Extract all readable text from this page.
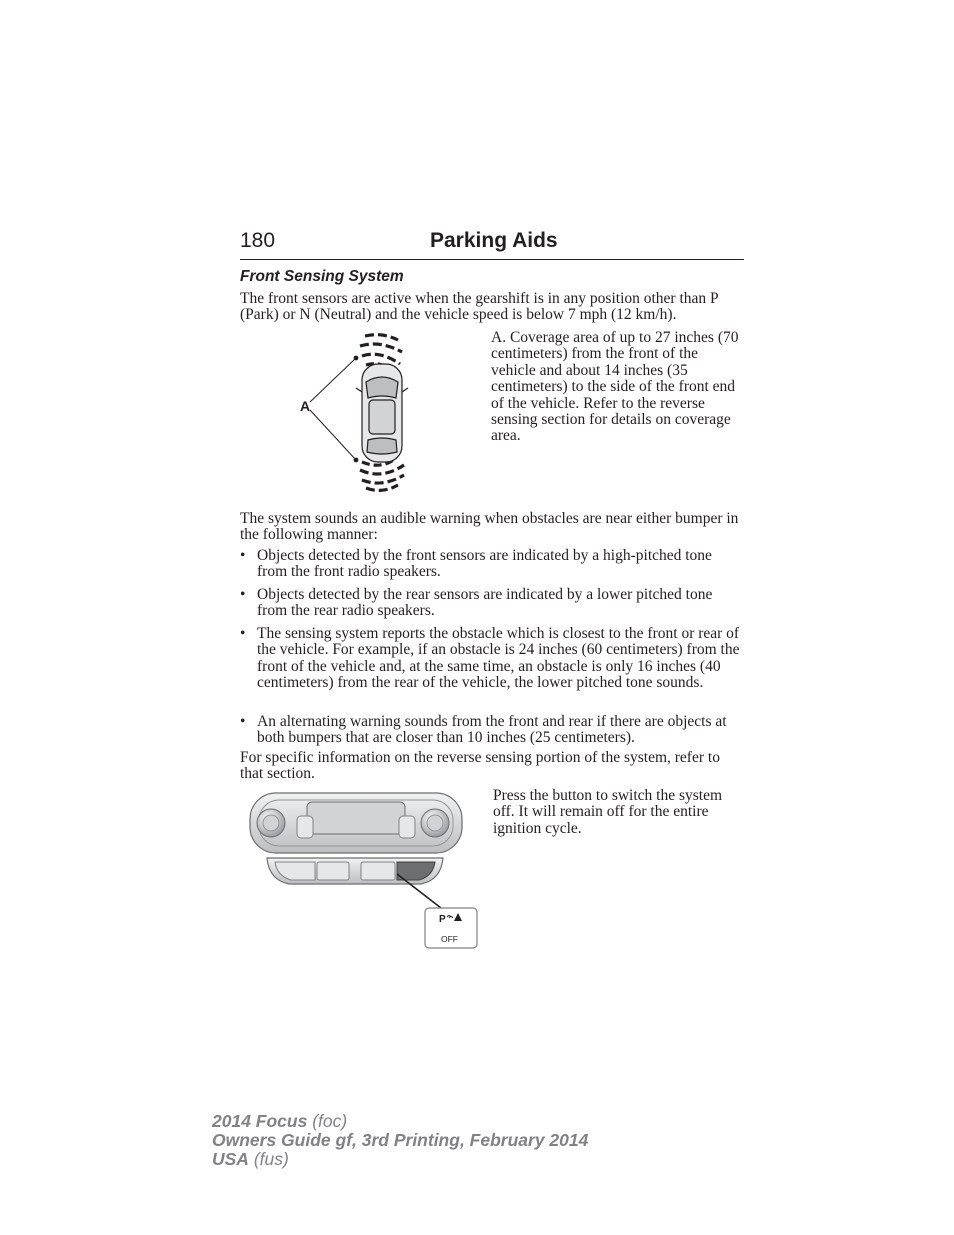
180	Parking Aids
Front Sensing System

The front sensors are active when the gearshift is in any position other than P (Park) or N (Neutral) and the vehicle speed is below 7 mph (12 km/h).

A

A. Coverage area of up to 27 inches (70 centimeters) from the front of the vehicle and about 14 inches (35 centimeters) to the side of the front end of the vehicle. Refer to the reverse sensing section for details on coverage area.

The system sounds an audible warning when obstacles are near either bumper in the following manner:

• Objects detected by the front sensors are indicated by a high-pitched tone from the front radio speakers.
• Objects detected by the rear sensors are indicated by a lower pitched tone from the rear radio speakers.
• The sensing system reports the obstacle which is closest to the front or rear of the vehicle. For example, if an obstacle is 24 inches (60 centimeters) from the front of the vehicle and, at the same time, an obstacle is only 16 inches (40 centimeters) from the rear of the vehicle, the lower pitched tone sounds.
• An alternating warning sounds from the front and rear if there are objects at both bumpers that are closer than 10 inches (25 centimeters).

For specific information on the reverse sensing portion of the system, refer to that section.

P
OFF

Press the button to switch the system off. It will remain off for the entire ignition cycle.

2014 Focus (foc)
Owners Guide gf, 3rd Printing, February 2014
USA (fus)
